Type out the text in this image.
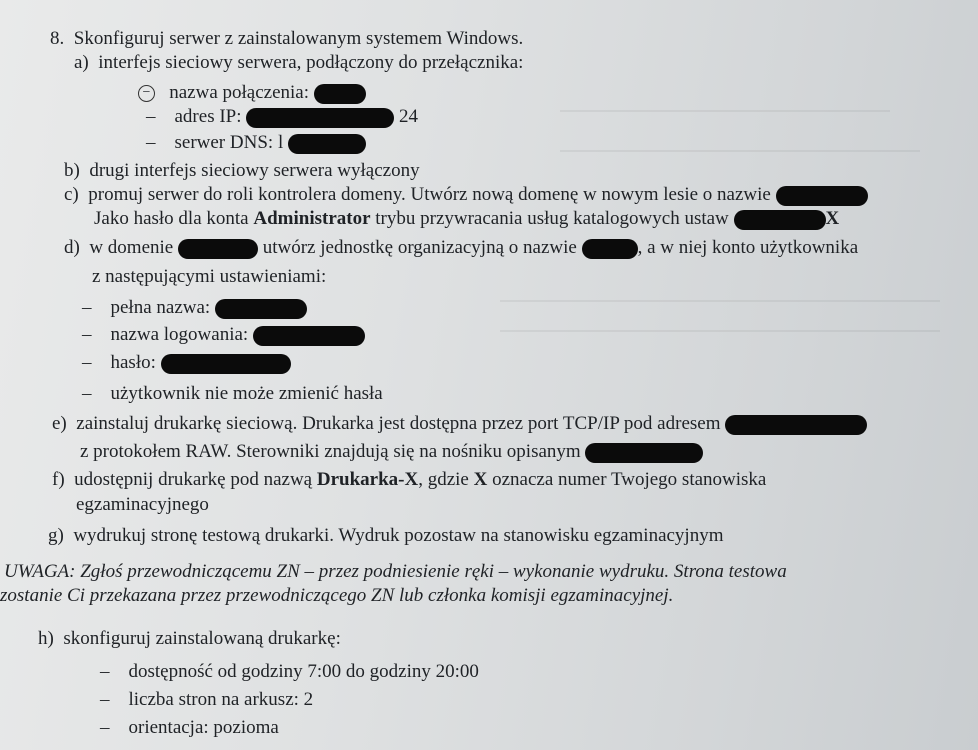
8. Skonfiguruj serwer z zainstalowanym systemem Windows.
a) interfejs sieciowy serwera, podłączony do przełącznika:
− nazwa połączenia:
– adres IP:	24
– serwer DNS: l
b) drugi interfejs sieciowy serwera wyłączony
c) promuj serwer do roli kontrolera domeny. Utwórz nową domenę w nowym lesie o nazwie
Jako hasło dla konta Administrator trybu przywracania usług katalogowych ustaw	X
d) w domenie	utwórz jednostkę organizacyjną o nazwie	, a w niej konto użytkownika
z następującymi ustawieniami:
– pełna nazwa:
– nazwa logowania:
– hasło:
– użytkownik nie może zmienić hasła
e) zainstaluj drukarkę sieciową. Drukarka jest dostępna przez port TCP/IP pod adresem
z protokołem RAW. Sterowniki znajdują się na nośniku opisanym
f) udostępnij drukarkę pod nazwą Drukarka-X, gdzie X oznacza numer Twojego stanowiska
egzaminacyjnego
g) wydrukuj stronę testową drukarki. Wydruk pozostaw na stanowisku egzaminacyjnym
UWAGA: Zgłoś przewodniczącemu ZN – przez podniesienie ręki – wykonanie wydruku. Strona testowa
zostanie Ci przekazana przez przewodniczącego ZN lub członka komisji egzaminacyjnej.
h) skonfiguruj zainstalowaną drukarkę:
– dostępność od godziny 7:00 do godziny 20:00
– liczba stron na arkusz: 2
– orientacja: pozioma
